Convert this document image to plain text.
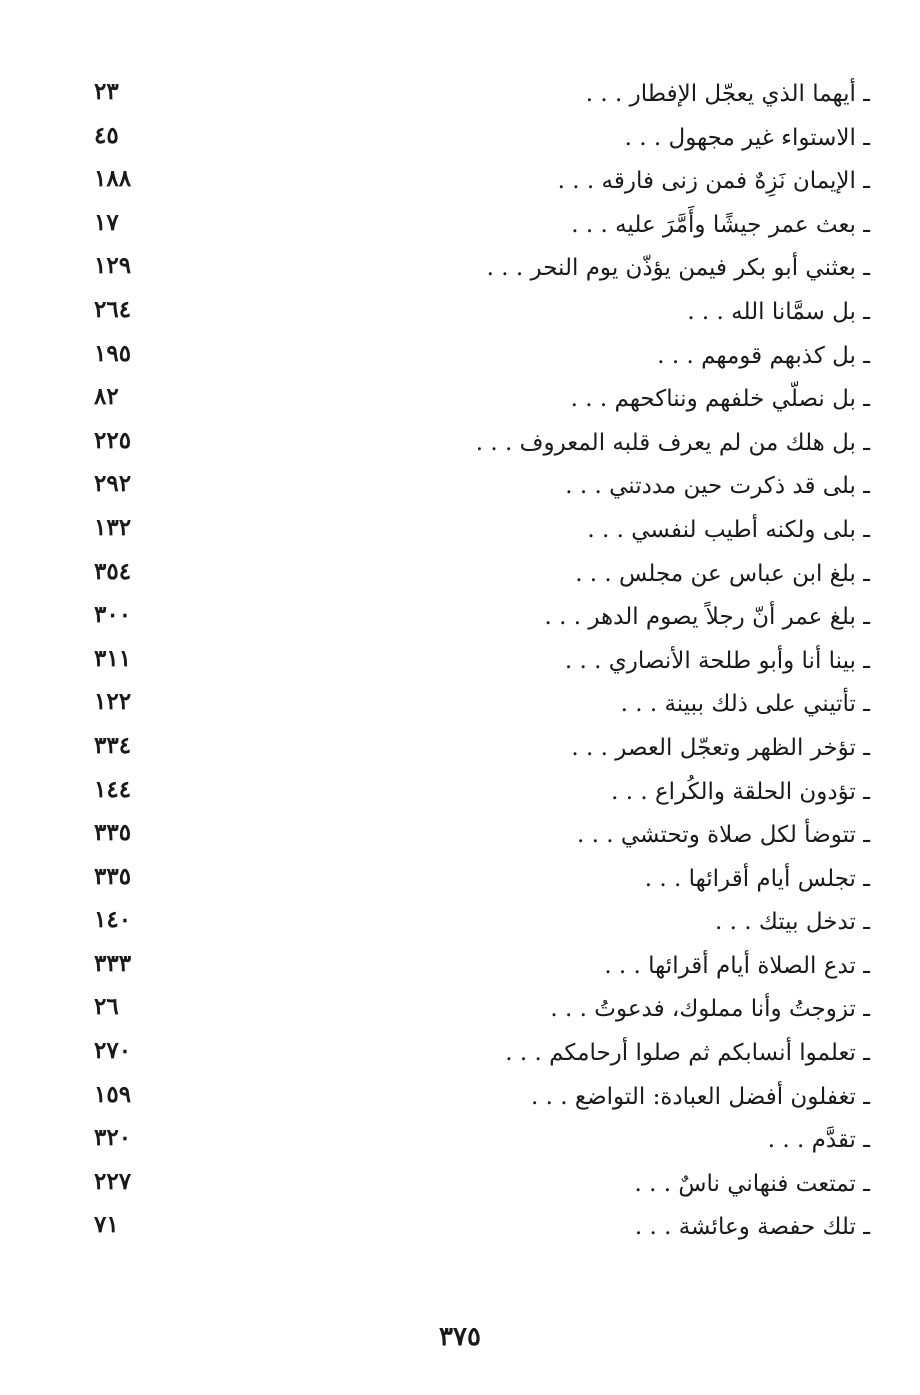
ـ أيهما الذي يعجّل الإفطار . . .
٢٣
ـ الاستواء غير مجهول . . .
٤٥
ـ الإيمان نَزِهٌ فمن زنى فارقه . . .
١٨٨
ـ بعث عمر جيشًا وأَمَّرَ عليه . . .
١٧
ـ بعثني أبو بكر فيمن يؤذّن يوم النحر . . .
١٢٩
ـ بل سمَّانا الله . . .
٢٦٤
ـ بل كذبهم قومهم . . .
١٩٥
ـ بل نصلّي خلفهم ونناكحهم . . .
٨٢
ـ بل هلك من لم يعرف قلبه المعروف . . .
٢٢٥
ـ بلى قد ذكرت حين مددتني . . .
٢٩٢
ـ بلى ولكنه أطيب لنفسي . . .
١٣٢
ـ بلغ ابن عباس عن مجلس . . .
٣٥٤
ـ بلغ عمر أنّ رجلاً يصوم الدهر . . .
٣٠٠
ـ بينا أنا وأبو طلحة الأنصاري . . .
٣١١
ـ تأتيني على ذلك ببينة . . .
١٢٢
ـ تؤخر الظهر وتعجّل العصر . . .
٣٣٤
ـ تؤدون الحلقة والكُراع . . .
١٤٤
ـ تتوضأ لكل صلاة وتحتشي . . .
٣٣٥
ـ تجلس أيام أقرائها . . .
٣٣٥
ـ تدخل بيتك . . .
١٤٠
ـ تدع الصلاة أيام أقرائها . . .
٣٣٣
ـ تزوجتُ وأنا مملوك، فدعوتُ . . .
٢٦
ـ تعلموا أنسابكم ثم صلوا أرحامكم . . .
٢٧٠
ـ تغفلون أفضل العبادة: التواضع . . .
١٥٩
ـ تقدَّم . . .
٣٢٠
ـ تمتعت فنهاني ناسٌ . . .
٢٢٧
ـ تلك حفصة وعائشة . . .
٧١
٣٧٥
